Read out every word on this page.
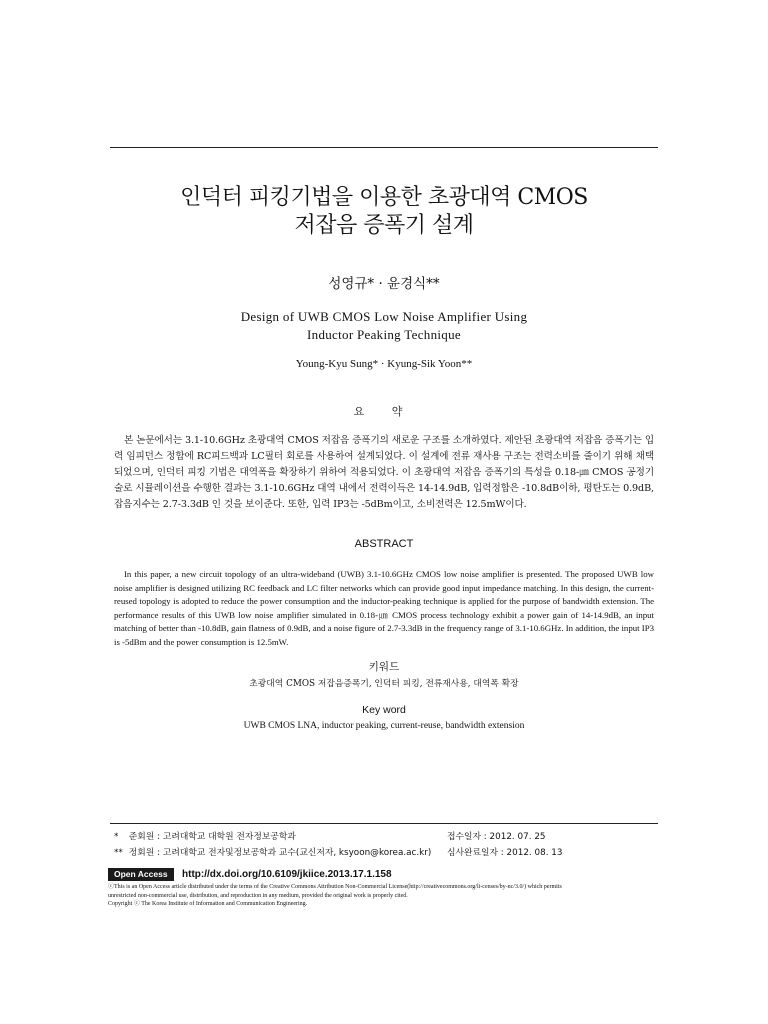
인덕터 피킹기법을 이용한 초광대역 CMOS
저잡음 증폭기 설계
성영규* · 윤경식**
Design of UWB CMOS Low Noise Amplifier Using
Inductor Peaking Technique
Young-Kyu Sung* · Kyung-Sik Yoon**
요 약
본 논문에서는 3.1-10.6GHz 초광대역 CMOS 저잡음 증폭기의 새로운 구조를 소개하였다. 제안된 초광대역 저잡음 증폭기는 입력 임피던스 정합에 RC피드백과 LC필터 회로를 사용하여 설계되었다. 이 설계에 전류 재사용 구조는 전력소비를 줄이기 위해 채택되었으며, 인덕터 피킹 기법은 대역폭을 확장하기 위하여 적용되었다. 이 초광대역 저잡음 증폭기의 특성을 0.18-㎛ CMOS 공정기술로 시뮬레이션을 수행한 결과는 3.1-10.6GHz 대역 내에서 전력이득은 14-14.9dB, 입력정합은 -10.8dB이하, 평탄도는 0.9dB, 잡음지수는 2.7-3.3dB 인 것을 보이준다. 또한, 입력 IP3는 -5dBm이고, 소비전력은 12.5mW이다.
ABSTRACT
In this paper, a new circuit topology of an ultra-wideband (UWB) 3.1-10.6GHz CMOS low noise amplifier is presented. The proposed UWB low noise amplifier is designed utilizing RC feedback and LC filter networks which can provide good input impedance matching. In this design, the current-reused topology is adopted to reduce the power consumption and the inductor-peaking technique is applied for the purpose of bandwidth extension. The performance results of this UWB low noise amplifier simulated in 0.18-㎛ CMOS process technology exhibit a power gain of 14-14.9dB, an input matching of better than -10.8dB, gain flatness of 0.9dB, and a noise figure of 2.7-3.3dB in the frequency range of 3.1-10.6GHz. In addition, the input IP3 is -5dBm and the power consumption is 12.5mW.
키워드
초광대역 CMOS 저잡음증폭기, 인덕터 피킹, 전류재사용, 대역폭 확장
Key word
UWB CMOS LNA, inductor peaking, current-reuse, bandwidth extension
* 준회원 : 고려대학교 대학원 전자정보공학과	접수일자 : 2012. 07. 25
** 정회원 : 고려대학교 전자및정보공학과 교수(교신저자, ksyoon@korea.ac.kr) 심사완료일자 : 2012. 08. 13
Open Access http://dx.doi.org/10.6109/jkiice.2013.17.1.158
ⓒThis is an Open Access article distributed under the terms of the Creative Commons Attribution Non-Commercial License(http://creativecommons.org/li-censes/by-nc/3.0/) which permits
unrestricted non-commercial use, distribution, and reproduction in any medium, provided the original work is properly cited.
Copyright ⓒ The Korea Institute of Information and Communication Engineering.
